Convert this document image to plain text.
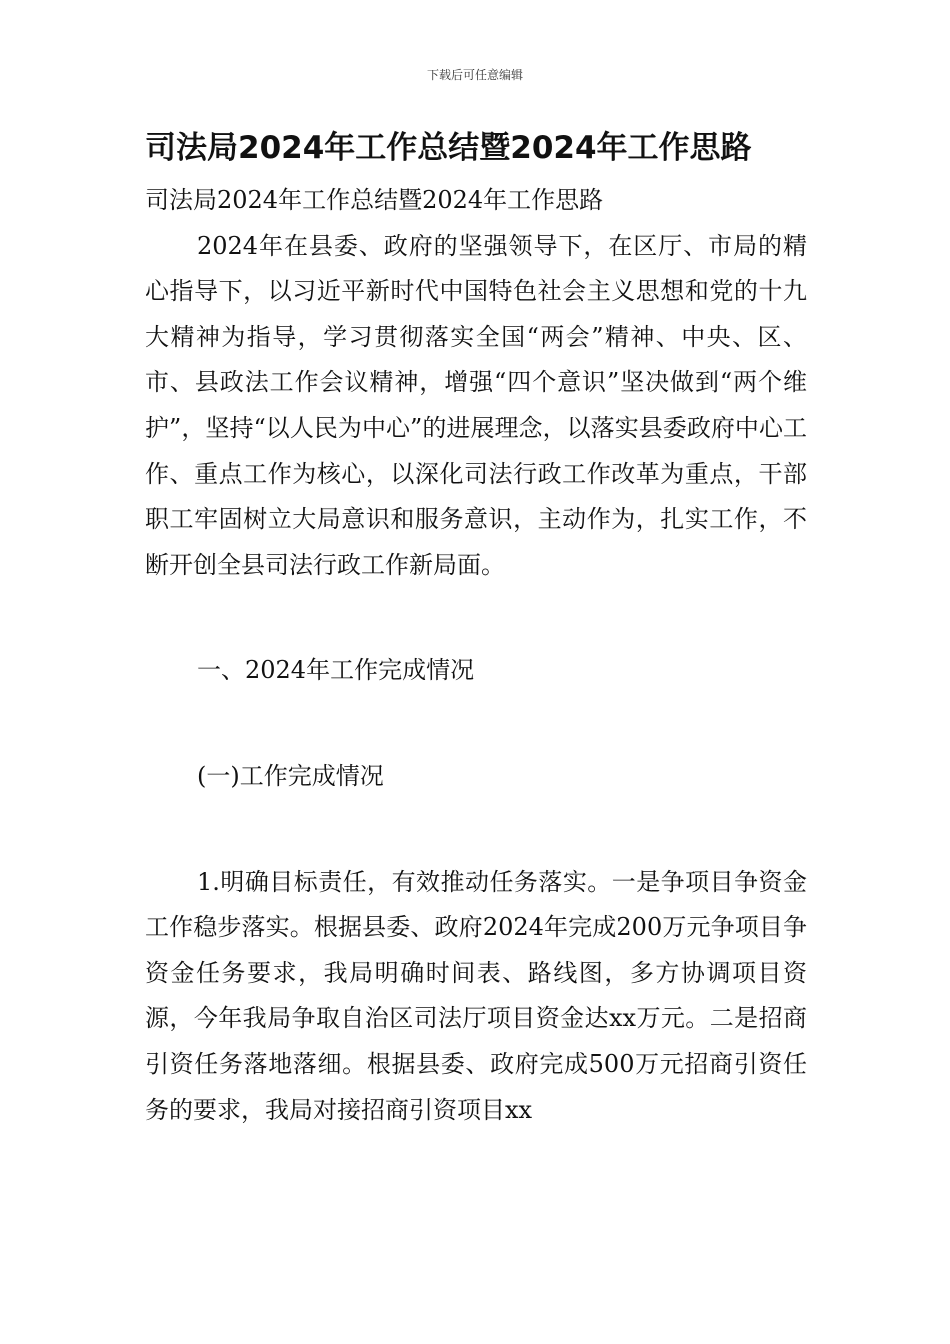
下载后可任意编辑
司法局2024年工作总结暨2024年工作思路

司法局2024年工作总结暨2024年工作思路

2024年在县委、政府的坚强领导下，在区厅、市局的精心指导下，以习近平新时代中国特色社会主义思想和党的十九大精神为指导，学习贯彻落实全国“两会”精神、中央、区、市、县政法工作会议精神，增强“四个意识”坚决做到“两个维护”，坚持“以人民为中心”的进展理念，以落实县委政府中心工作、重点工作为核心，以深化司法行政工作改革为重点，干部职工牢固树立大局意识和服务意识，主动作为，扎实工作，不断开创全县司法行政工作新局面。

一、2024年工作完成情况

(一)工作完成情况

1.明确目标责任，有效推动任务落实。一是争项目争资金工作稳步落实。根据县委、政府2024年完成200万元争项目争资金任务要求，我局明确时间表、路线图，多方协调项目资源，今年我局争取自治区司法厅项目资金达xx万元。二是招商引资任务落地落细。根据县委、政府完成500万元招商引资任务的要求，我局对接招商引资项目xx
